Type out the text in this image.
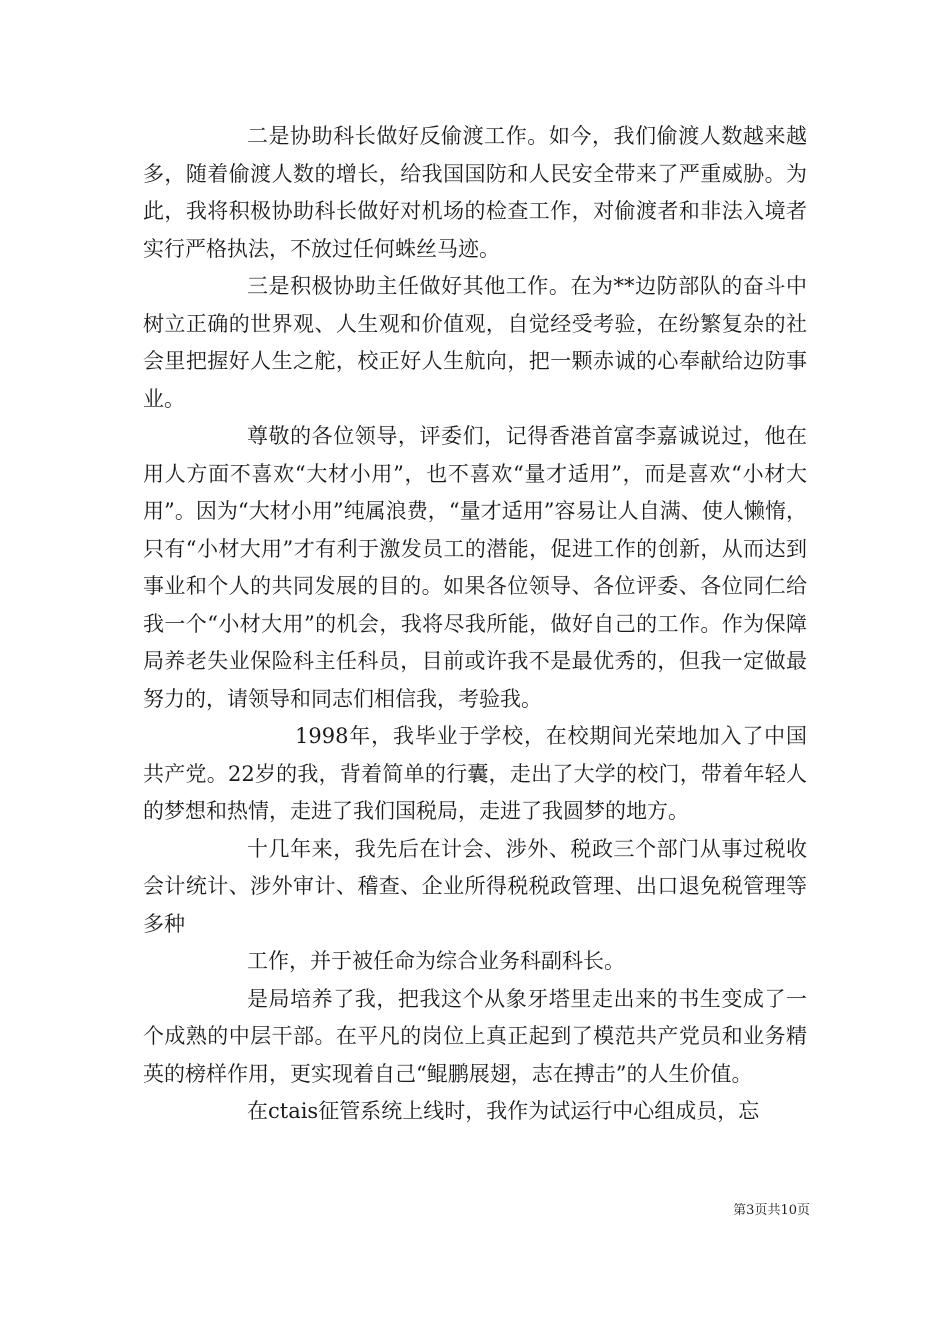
二是协助科长做好反偷渡工作。如今，我们偷渡人数越来越多，随着偷渡人数的增长，给我国国防和人民安全带来了严重威胁。为此，我将积极协助科长做好对机场的检查工作，对偷渡者和非法入境者实行严格执法，不放过任何蛛丝马迹。

三是积极协助主任做好其他工作。在为**边防部队的奋斗中树立正确的世界观、人生观和价值观，自觉经受考验，在纷繁复杂的社会里把握好人生之舵，校正好人生航向，把一颗赤诚的心奉献给边防事业。

尊敬的各位领导，评委们，记得香港首富李嘉诚说过，他在用人方面不喜欢“大材小用”，也不喜欢“量才适用”，而是喜欢“小材大用”。因为“大材小用”纯属浪费，“量才适用”容易让人自满、使人懒惰，只有“小材大用”才有利于激发员工的潜能，促进工作的创新，从而达到事业和个人的共同发展的目的。如果各位领导、各位评委、各位同仁给我一个“小材大用”的机会，我将尽我所能，做好自己的工作。作为保障局养老失业保险科主任科员，目前或许我不是最优秀的，但我一定做最努力的，请领导和同志们相信我，考验我。

1998年，我毕业于学校，在校期间光荣地加入了中国共产党。22岁的我，背着简单的行囊，走出了大学的校门，带着年轻人的梦想和热情，走进了我们国税局，走进了我圆梦的地方。

十几年来，我先后在计会、涉外、税政三个部门从事过税收会计统计、涉外审计、稽查、企业所得税税政管理、出口退免税管理等多种

工作，并于被任命为综合业务科副科长。

是局培养了我，把我这个从象牙塔里走出来的书生变成了一个成熟的中层干部。在平凡的岗位上真正起到了模范共产党员和业务精英的榜样作用，更实现着自己“鲲鹏展翅，志在搏击”的人生价值。

在ctais征管系统上线时，我作为试运行中心组成员，忘

第3页共10页
